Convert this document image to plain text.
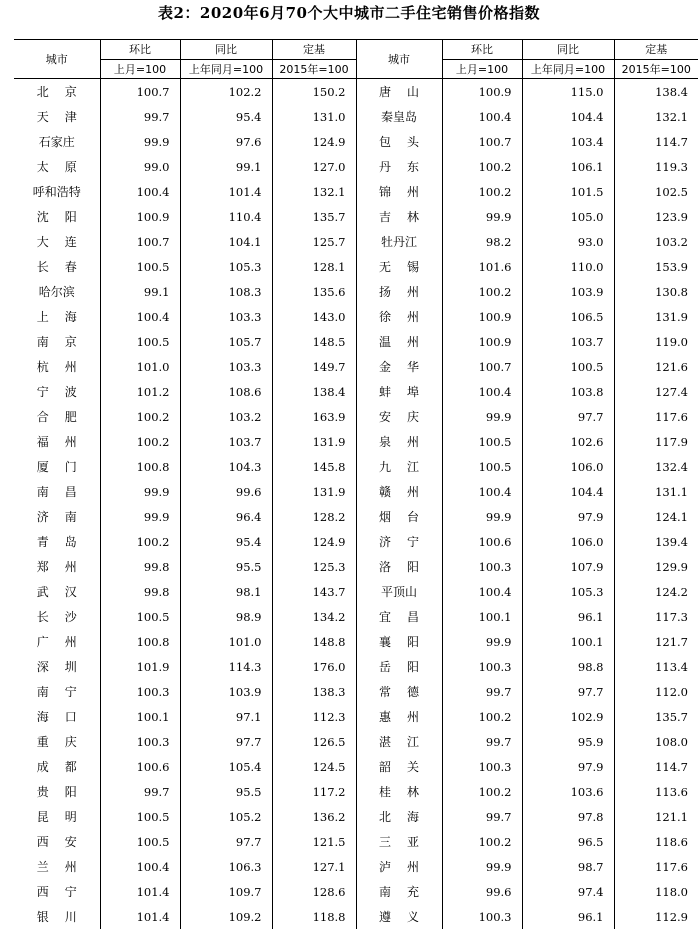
表2：2020年6月70个大中城市二手住宅销售价格指数
城市	环比	同比	定基	城市	环比	同比	定基
	上月=100	上年同月=100	2015年=100		上月=100	上年同月=100	2015年=100
北京	100.7	102.2	150.2	唐山	100.9	115.0	138.4
天津	99.7	95.4	131.0	秦皇岛	100.4	104.4	132.1
石家庄	99.9	97.6	124.9	包头	100.7	103.4	114.7
太原	99.0	99.1	127.0	丹东	100.2	106.1	119.3
呼和浩特	100.4	101.4	132.1	锦州	100.2	101.5	102.5
沈阳	100.9	110.4	135.7	吉林	99.9	105.0	123.9
大连	100.7	104.1	125.7	牡丹江	98.2	93.0	103.2
长春	100.5	105.3	128.1	无锡	101.6	110.0	153.9
哈尔滨	99.1	108.3	135.6	扬州	100.2	103.9	130.8
上海	100.4	103.3	143.0	徐州	100.9	106.5	131.9
南京	100.5	105.7	148.5	温州	100.9	103.7	119.0
杭州	101.0	103.3	149.7	金华	100.7	100.5	121.6
宁波	101.2	108.6	138.4	蚌埠	100.4	103.8	127.4
合肥	100.2	103.2	163.9	安庆	99.9	97.7	117.6
福州	100.2	103.7	131.9	泉州	100.5	102.6	117.9
厦门	100.8	104.3	145.8	九江	100.5	106.0	132.4
南昌	99.9	99.6	131.9	赣州	100.4	104.4	131.1
济南	99.9	96.4	128.2	烟台	99.9	97.9	124.1
青岛	100.2	95.4	124.9	济宁	100.6	106.0	139.4
郑州	99.8	95.5	125.3	洛阳	100.3	107.9	129.9
武汉	99.8	98.1	143.7	平顶山	100.4	105.3	124.2
长沙	100.5	98.9	134.2	宜昌	100.1	96.1	117.3
广州	100.8	101.0	148.8	襄阳	99.9	100.1	121.7
深圳	101.9	114.3	176.0	岳阳	100.3	98.8	113.4
南宁	100.3	103.9	138.3	常德	99.7	97.7	112.0
海口	100.1	97.1	112.3	惠州	100.2	102.9	135.7
重庆	100.3	97.7	126.5	湛江	99.7	95.9	108.0
成都	100.6	105.4	124.5	韶关	100.3	97.9	114.7
贵阳	99.7	95.5	117.2	桂林	100.2	103.6	113.6
昆明	100.5	105.2	136.2	北海	99.7	97.8	121.1
西安	100.5	97.7	121.5	三亚	100.2	96.5	118.6
兰州	100.4	106.3	127.1	泸州	99.9	98.7	117.6
西宁	101.4	109.7	128.6	南充	99.6	97.4	118.0
银川	101.4	109.2	118.8	遵义	100.3	96.1	112.9
